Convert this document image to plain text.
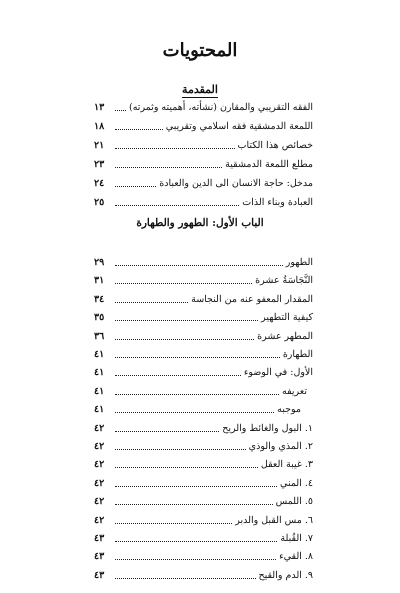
المحتويات
المقدمة
الفقه التقريبي والمقارن (نشأته، أهميته وثمرته)
١٣
اللمعة الدمشقية فقه اسلامي وتقريبي
١٨
خصائص هذا الكتاب
٢١
مطلع اللمعة الدمشقية
٢٣
مدخل: حاجة الانسان الى الدين والعبادة
٢٤
العبادة وبناء الذات
٢٥
الباب الأول: الطهور والطهارة
الطهور
٢٩
النَّجَاسَةُ عشرة
٣١
المقدار المعفو عنه من النجاسة
٣٤
كيفية التطهير
٣٥
المطهر عشرة
٣٦
الطهارة
٤١
الأول: في الوضوء
٤١
تعريفه
٤١
موجبه
٤١
١. البول والغائط والريح
٤٢
٢. المذي والوذي
٤٢
٣. غيبة العقل
٤٢
٤. المني
٤٢
٥. اللمس
٤٢
٦. مس القبل والدبر
٤٢
٧. القُبلة
٤٣
٨. القيء
٤٣
٩. الدم والقيح
٤٣
